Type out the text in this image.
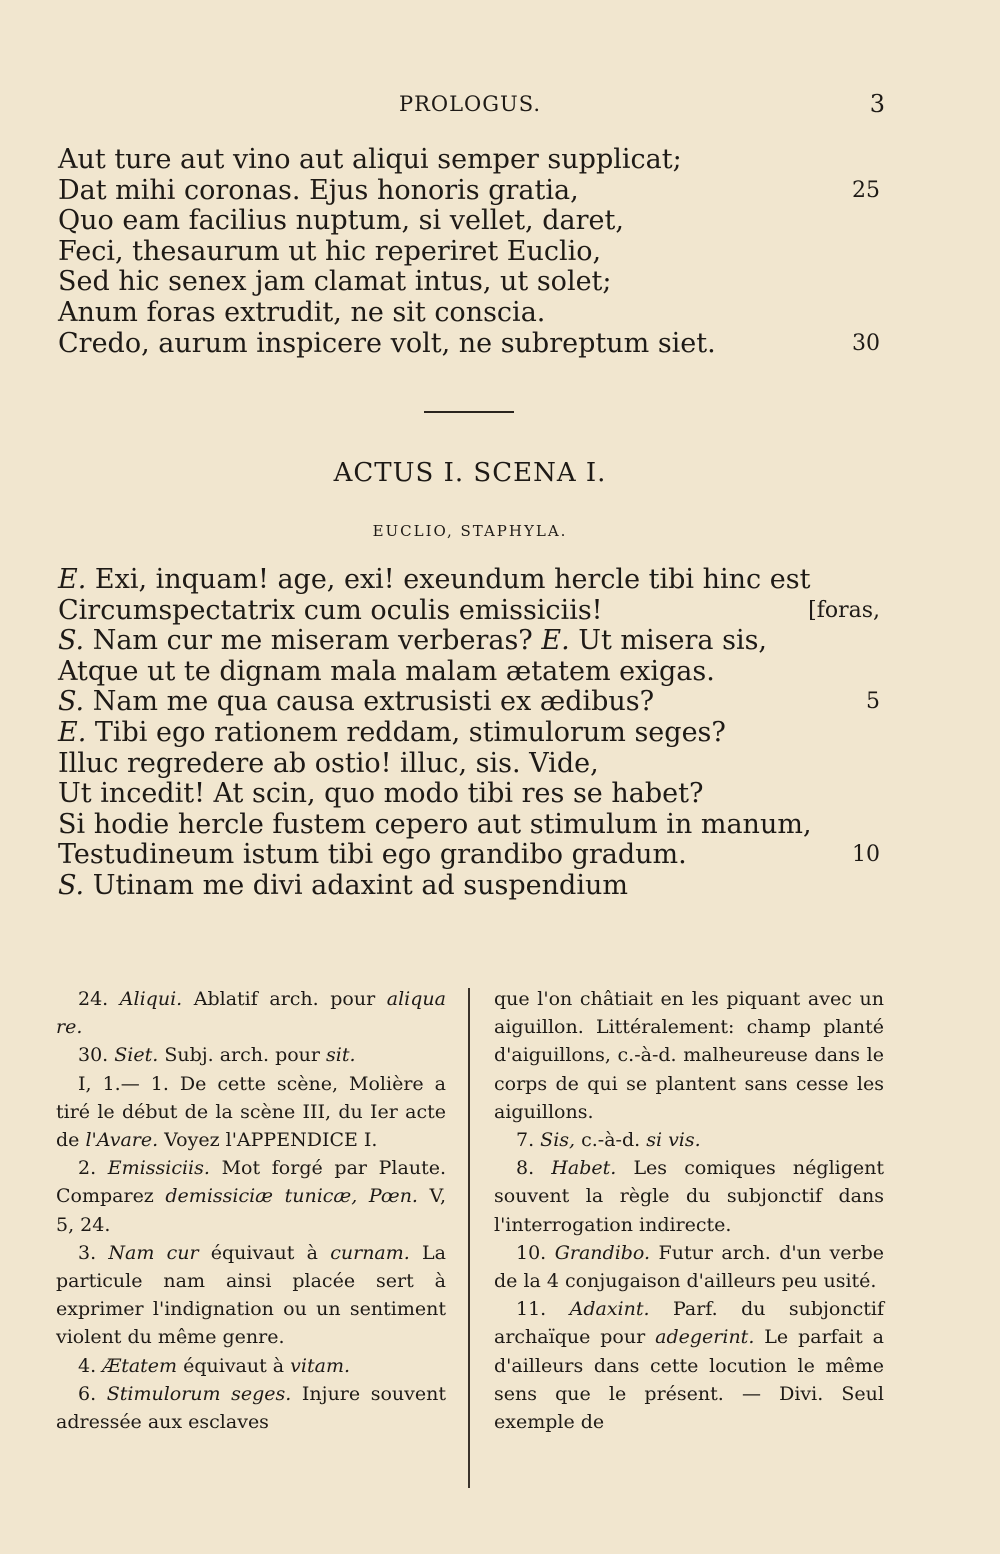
PROLOGUS.	3
Aut ture aut vino aut aliqui semper supplicat;
Dat mihi coronas. Ejus honoris gratia,	25
Quo eam facilius nuptum, si vellet, daret,
Feci, thesaurum ut hic reperiret Euclio,
Sed hic senex jam clamat intus, ut solet;
Anum foras extrudit, ne sit conscia.
Credo, aurum inspicere volt, ne subreptum siet.	30
ACTUS I. SCENA I.
EUCLIO, STAPHYLA.
E. Exi, inquam! age, exi! exeundum hercle tibi hinc est
Circumspectatrix cum oculis emissiciis!	[foras,
S. Nam cur me miseram verberas? E. Ut misera sis,
Atque ut te dignam mala malam ætatem exigas.
S. Nam me qua causa extrusisti ex ædibus?	5
E. Tibi ego rationem reddam, stimulorum seges?
Illuc regredere ab ostio! illuc, sis. Vide,
Ut incedit! At scin, quo modo tibi res se habet?
Si hodie hercle fustem cepero aut stimulum in manum,
Testudineum istum tibi ego grandibo gradum.	10
S. Utinam me divi adaxint ad suspendium

24. Aliqui. Ablatif arch. pour aliqua re.

30. Siet. Subj. arch. pour sit.

I, 1.— 1. De cette scène, Molière a tiré le début de la scène III, du Ier acte de l'Avare. Voyez l'APPENDICE I.

2. Emissiciis. Mot forgé par Plaute. Comparez demissiciæ tunicæ, Pœn. V, 5, 24.

3. Nam cur équivaut à curnam. La particule nam ainsi placée sert à exprimer l'indignation ou un sentiment violent du même genre.

4. Ætatem équivaut à vitam.

6. Stimulorum seges. Injure souvent adressée aux esclaves

que l'on châtiait en les piquant avec un aiguillon. Littéralement: champ planté d'aiguillons, c.-à-d. malheureuse dans le corps de qui se plantent sans cesse les aiguillons.

7. Sis, c.-à-d. si vis.

8. Habet. Les comiques négligent souvent la règle du subjonctif dans l'interrogation indirecte.

10. Grandibo. Futur arch. d'un verbe de la 4 conjugaison d'ailleurs peu usité.

11. Adaxint. Parf. du subjonctif archaïque pour adegerint. Le parfait a d'ailleurs dans cette locution le même sens que le présent. — Divi. Seul exemple de
